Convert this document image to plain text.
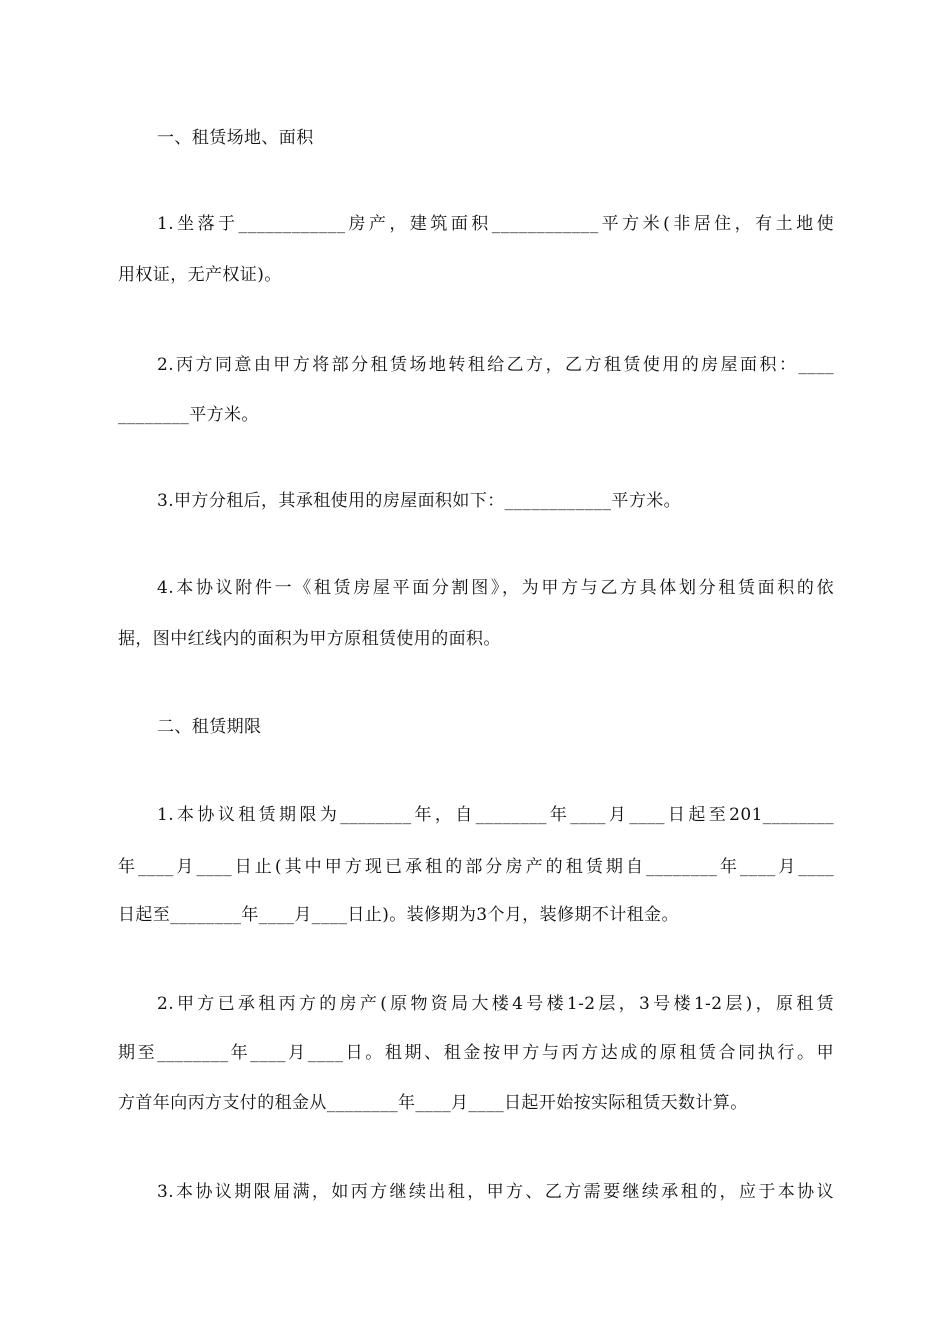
一、租赁场地、面积
1.坐落于____________房产，建筑面积____________平方米(非居住，有土地使
用权证，无产权证)。
2.丙方同意由甲方将部分租赁场地转租给乙方，乙方租赁使用的房屋面积：____
________平方米。
3.甲方分租后，其承租使用的房屋面积如下：____________平方米。
4.本协议附件一《租赁房屋平面分割图》，为甲方与乙方具体划分租赁面积的依
据，图中红线内的面积为甲方原租赁使用的面积。
二、租赁期限
1.本协议租赁期限为________年，自________年____月____日起至201________
年____月____日止(其中甲方现已承租的部分房产的租赁期自________年____月____
日起至________年____月____日止)。装修期为3个月，装修期不计租金。
2.甲方已承租丙方的房产(原物资局大楼4号楼1-2层，3号楼1-2层)，原租赁
期至________年____月____日。租期、租金按甲方与丙方达成的原租赁合同执行。甲
方首年向丙方支付的租金从________年____月____日起开始按实际租赁天数计算。
3.本协议期限届满，如丙方继续出租，甲方、乙方需要继续承租的，应于本协议
